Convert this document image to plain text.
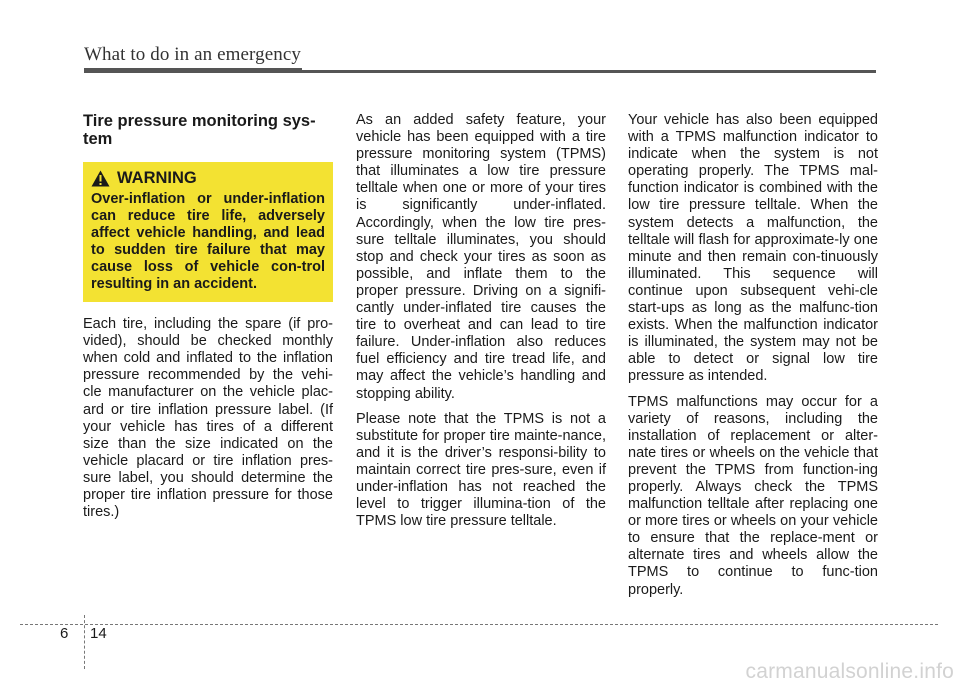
What to do in an emergency
Tire pressure monitoring sys-tem
WARNING
Over-inflation or under-inflation can reduce tire life, adversely affect vehicle handling, and lead to sudden tire failure that may cause loss of vehicle con-trol resulting in an accident.

Each tire, including the spare (if pro-vided), should be checked monthly when cold and inflated to the inflation pressure recommended by the vehi-cle manufacturer on the vehicle plac-ard or tire inflation pressure label. (If your vehicle has tires of a different size than the size indicated on the vehicle placard or tire inflation pres-sure label, you should determine the proper tire inflation pressure for those tires.)

As an added safety feature, your vehicle has been equipped with a tire pressure monitoring system (TPMS) that illuminates a low tire pressure telltale when one or more of your tires is significantly under-inflated. Accordingly, when the low tire pres-sure telltale illuminates, you should stop and check your tires as soon as possible, and inflate them to the proper pressure. Driving on a signifi-cantly under-inflated tire causes the tire to overheat and can lead to tire failure. Under-inflation also reduces fuel efficiency and tire tread life, and may affect the vehicle’s handling and stopping ability.

Please note that the TPMS is not a substitute for proper tire mainte-nance, and it is the driver’s responsi-bility to maintain correct tire pres-sure, even if under-inflation has not reached the level to trigger illumina-tion of the TPMS low tire pressure telltale.

Your vehicle has also been equipped with a TPMS malfunction indicator to indicate when the system is not operating properly. The TPMS mal-function indicator is combined with the low tire pressure telltale. When the system detects a malfunction, the telltale will flash for approximate-ly one minute and then remain con-tinuously illuminated. This sequence will continue upon subsequent vehi-cle start-ups as long as the malfunc-tion exists. When the malfunction indicator is illuminated, the system may not be able to detect or signal low tire pressure as intended.

TPMS malfunctions may occur for a variety of reasons, including the installation of replacement or alter-nate tires or wheels on the vehicle that prevent the TPMS from function-ing properly. Always check the TPMS malfunction telltale after replacing one or more tires or wheels on your vehicle to ensure that the replace-ment or alternate tires and wheels allow the TPMS to continue to func-tion properly.

6 14
carmanualsonline.info
